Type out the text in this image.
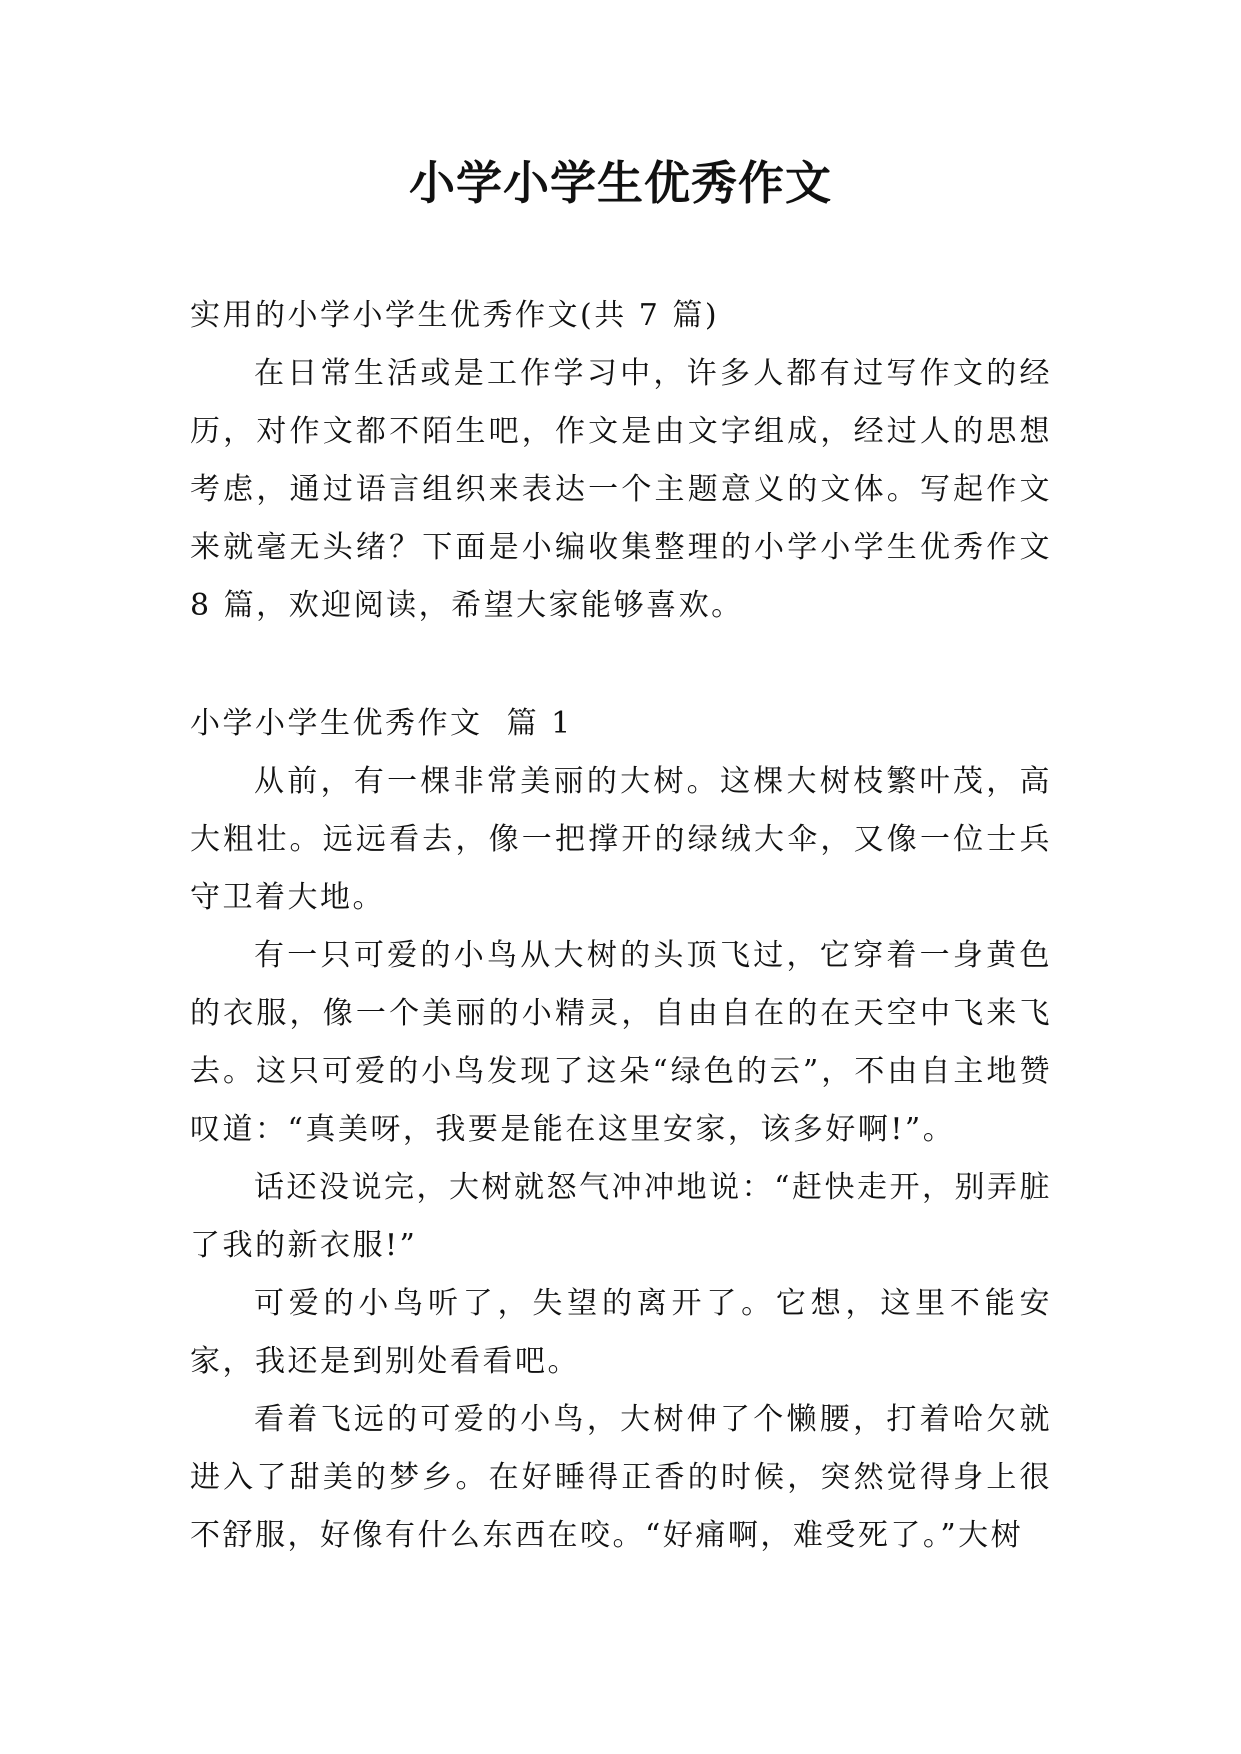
小学小学生优秀作文

实用的小学小学生优秀作文(共 7 篇)

在日常生活或是工作学习中，许多人都有过写作文的经历，对作文都不陌生吧，作文是由文字组成，经过人的思想考虑，通过语言组织来表达一个主题意义的文体。写起作文来就毫无头绪？下面是小编收集整理的小学小学生优秀作文 8 篇，欢迎阅读，希望大家能够喜欢。

小学小学生优秀作文  篇 1

从前，有一棵非常美丽的大树。这棵大树枝繁叶茂，高大粗壮。远远看去，像一把撑开的绿绒大伞，又像一位士兵守卫着大地。

有一只可爱的小鸟从大树的头顶飞过，它穿着一身黄色的衣服，像一个美丽的小精灵，自由自在的在天空中飞来飞去。这只可爱的小鸟发现了这朵“绿色的云”，不由自主地赞叹道：“真美呀，我要是能在这里安家，该多好啊!”。

话还没说完，大树就怒气冲冲地说：“赶快走开，别弄脏了我的新衣服!”

可爱的小鸟听了，失望的离开了。它想，这里不能安家，我还是到别处看看吧。

看着飞远的可爱的小鸟，大树伸了个懒腰，打着哈欠就进入了甜美的梦乡。在好睡得正香的时候，突然觉得身上很不舒服，好像有什么东西在咬。“好痛啊，难受死了。”大树
